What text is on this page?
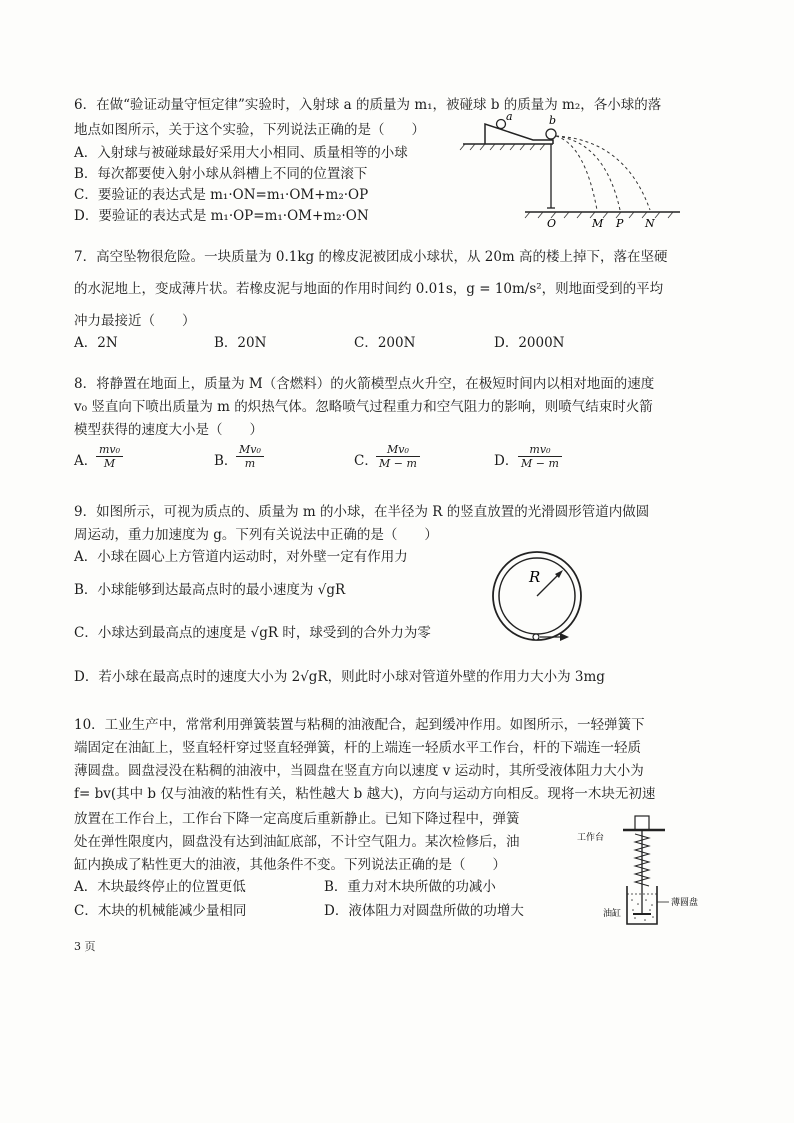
6．在做“验证动量守恒定律”实验时，入射球 a 的质量为 m₁，被碰球 b 的质量为 m₂，各小球的落
地点如图所示，关于这个实验，下列说法正确的是（　　）
A．入射球与被碰球最好采用大小相同、质量相等的小球
B．每次都要使入射小球从斜槽上不同的位置滚下
C．要验证的表达式是 m₁·ON=m₁·OM+m₂·OP
D．要验证的表达式是 m₁·OP=m₁·OM+m₂·ON
a	b
O	M P N
7．高空坠物很危险。一块质量为 0.1kg 的橡皮泥被团成小球状，从 20m 高的楼上掉下，落在坚硬
的水泥地上，变成薄片状。若橡皮泥与地面的作用时间约 0.01s，g = 10m/s²，则地面受到的平均
冲力最接近（　　）
A．2N	B．20N	C．200N	D．2000N
8．将静置在地面上，质量为 M（含燃料）的火箭模型点火升空，在极短时间内以相对地面的速度
v₀ 竖直向下喷出质量为 m 的炽热气体。忽略喷气过程重力和空气阻力的影响，则喷气结束时火箭
模型获得的速度大小是（　　）
A．
$\frac{\text{mv₀}}{M}$	B．
$\frac{\text{Mv₀}}{m}$	C．
$\frac{\text{Mv₀}}{M - m}$	D． $\frac{\text{mv₀}}{M - m}$
9．如图所示，可视为质点的、质量为 m 的小球，在半径为 R 的竖直放置的光滑圆形管道内做圆
周运动，重力加速度为 g。下列有关说法中正确的是（　　）
A．小球在圆心上方管道内运动时，对外壁一定有作用力
B．小球能够到达最高点时的最小速度为 √gR
C．小球达到最高点的速度是 √gR 时，球受到的合外力为零
D．若小球在最高点时的速度大小为 2√gR，则此时小球对管道外壁的作用力大小为 3mg
R
10．工业生产中，常常利用弹簧装置与粘稠的油液配合，起到缓冲作用。如图所示，一轻弹簧下
端固定在油缸上，竖直轻杆穿过竖直轻弹簧，杆的上端连一轻质水平工作台，杆的下端连一轻质
薄圆盘。圆盘浸没在粘稠的油液中，当圆盘在竖直方向以速度 v 运动时，其所受液体阻力大小为
f= bv(其中 b 仅与油液的粘性有关，粘性越大 b 越大)，方向与运动方向相反。现将一木块无初速
放置在工作台上，工作台下降一定高度后重新静止。已知下降过程中，弹簧
处在弹性限度内，圆盘没有达到油缸底部，不计空气阻力。某次检修后，油
缸内换成了粘性更大的油液，其他条件不变。下列说法正确的是（　　）
A．木块最终停止的位置更低	B．重力对木块所做的功减小
C．木块的机械能减少量相同	D．液体阻力对圆盘所做的功增大
工作台
油缸
薄圆盘
3 页
